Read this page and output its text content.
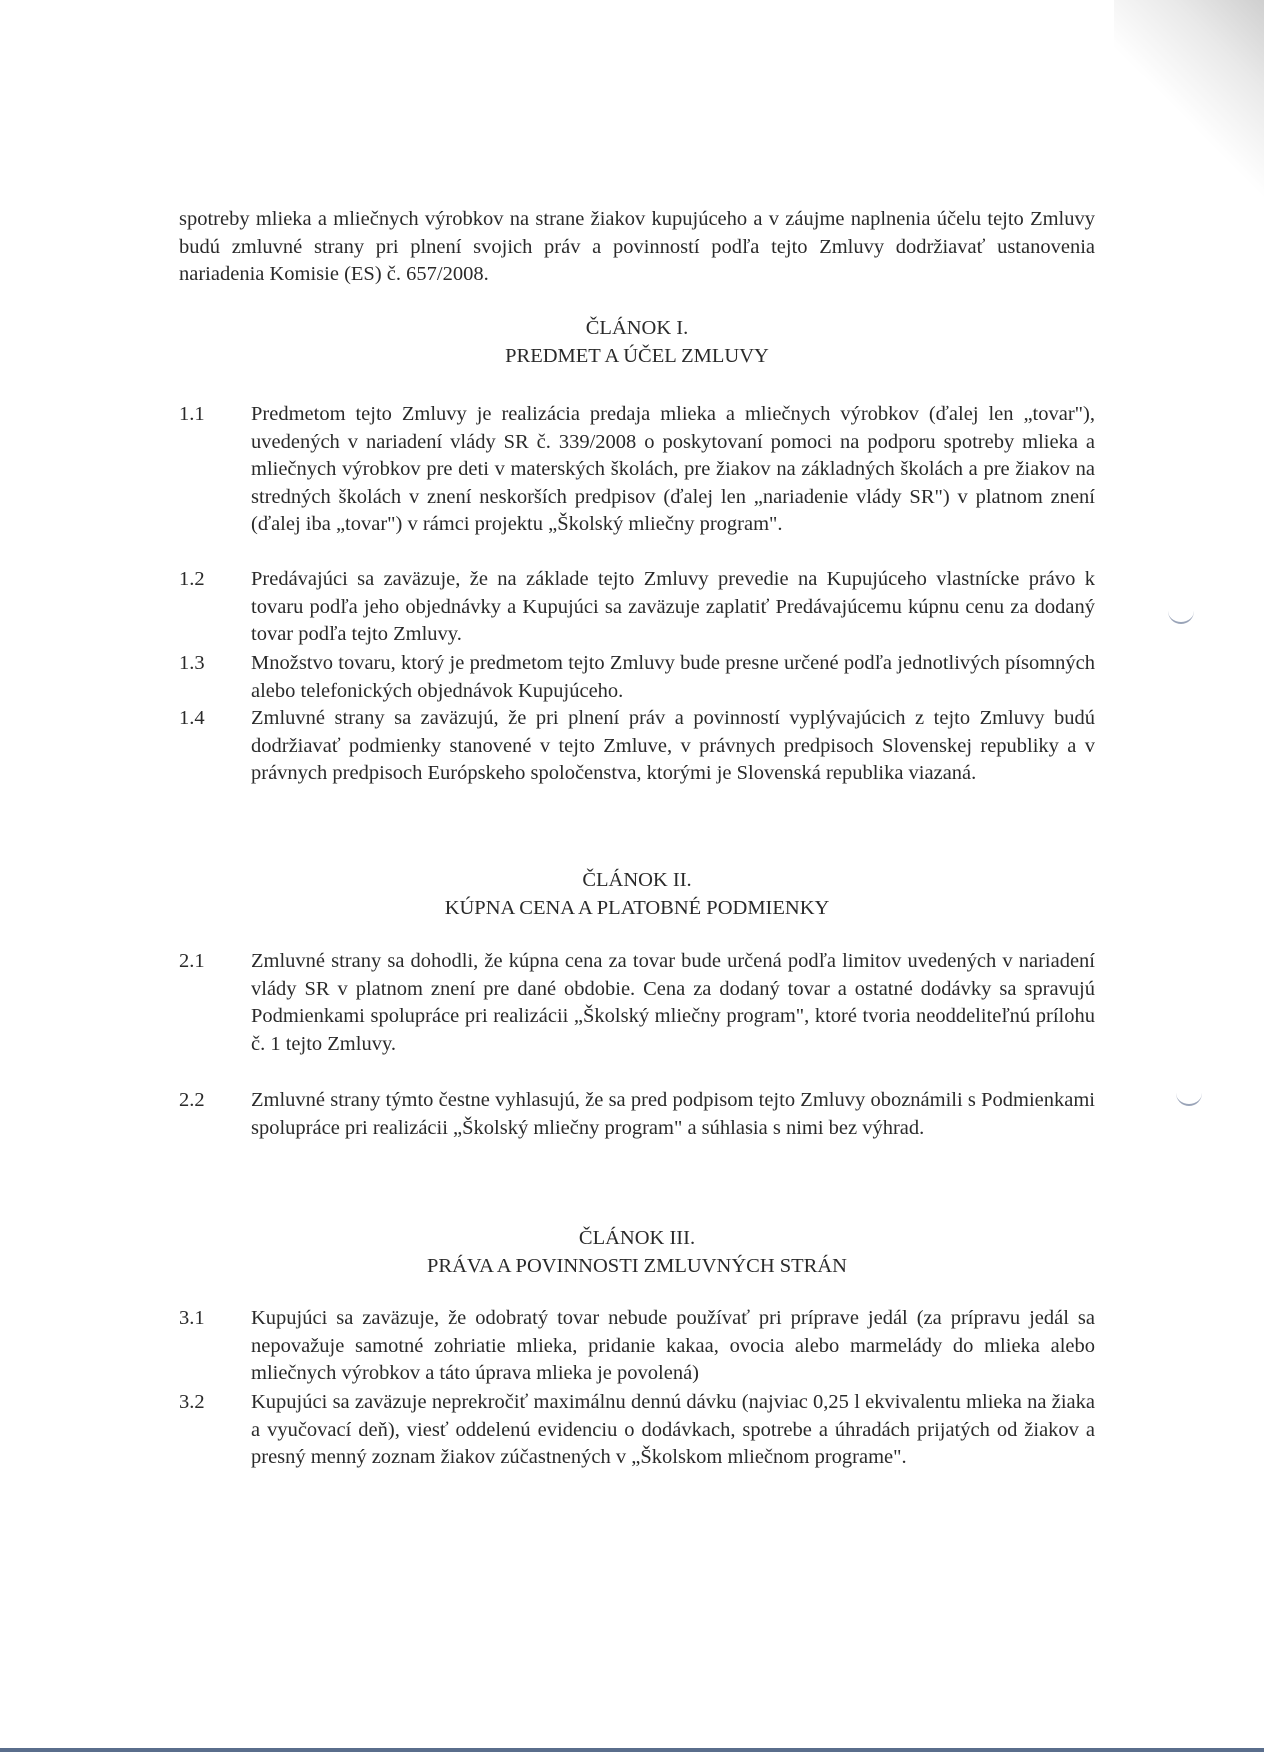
spotreby mlieka a mliečnych výrobkov na strane žiakov kupujúceho a v záujme naplnenia účelu tejto Zmluvy budú zmluvné strany pri plnení svojich práv a povinností podľa tejto Zmluvy dodržiavať ustanovenia nariadenia Komisie (ES) č. 657/2008.

ČLÁNOK I.
PREDMET A ÚČEL ZMLUVY
1.1	Predmetom tejto Zmluvy je realizácia predaja mlieka a mliečnych výrobkov (ďalej len „tovar"), uvedených v nariadení vlády SR č. 339/2008 o poskytovaní pomoci na podporu spotreby mlieka a mliečnych výrobkov pre deti v materských školách, pre žiakov na základných školách a pre žiakov na stredných školách v znení neskorších predpisov (ďalej len „nariadenie vlády SR") v platnom znení (ďalej iba „tovar") v rámci projektu „Školský mliečny program".

1.2	Predávajúci sa zaväzuje, že na základe tejto Zmluvy prevedie na Kupujúceho vlastnícke právo k tovaru podľa jeho objednávky a Kupujúci sa zaväzuje zaplatiť Predávajúcemu kúpnu cenu za dodaný tovar podľa tejto Zmluvy.

1.3	Množstvo tovaru, ktorý je predmetom tejto Zmluvy bude presne určené podľa jednotlivých písomných alebo telefonických objednávok Kupujúceho.

1.4	Zmluvné strany sa zaväzujú, že pri plnení práv a povinností vyplývajúcich z tejto Zmluvy budú dodržiavať podmienky stanovené v tejto Zmluve, v právnych predpisoch Slovenskej republiky a v právnych predpisoch Európskeho spoločenstva, ktorými je Slovenská republika viazaná.

ČLÁNOK II.
KÚPNA CENA A PLATOBNÉ PODMIENKY
2.1	Zmluvné strany sa dohodli, že kúpna cena za tovar bude určená podľa limitov uvedených v nariadení vlády SR v platnom znení pre dané obdobie. Cena za dodaný tovar a ostatné dodávky sa spravujú Podmienkami spolupráce pri realizácii „Školský mliečny program", ktoré tvoria neoddeliteľnú prílohu č. 1 tejto Zmluvy.

2.2	Zmluvné strany týmto čestne vyhlasujú, že sa pred podpisom tejto Zmluvy oboznámili s Podmienkami spolupráce pri realizácii „Školský mliečny program" a súhlasia s nimi bez výhrad.

ČLÁNOK III.
PRÁVA A POVINNOSTI ZMLUVNÝCH STRÁN
3.1	Kupujúci sa zaväzuje, že odobratý tovar nebude používať pri príprave jedál (za prípravu jedál sa nepovažuje samotné zohriatie mlieka, pridanie kakaa, ovocia alebo marmelády do mlieka alebo mliečnych výrobkov a táto úprava mlieka je povolená)

3.2	Kupujúci sa zaväzuje neprekročiť maximálnu dennú dávku (najviac 0,25 l ekvivalentu mlieka na žiaka a vyučovací deň), viesť oddelenú evidenciu o dodávkach, spotrebe a úhradách prijatých od žiakov a presný menný zoznam žiakov zúčastnených v „Školskom mliečnom programe".
